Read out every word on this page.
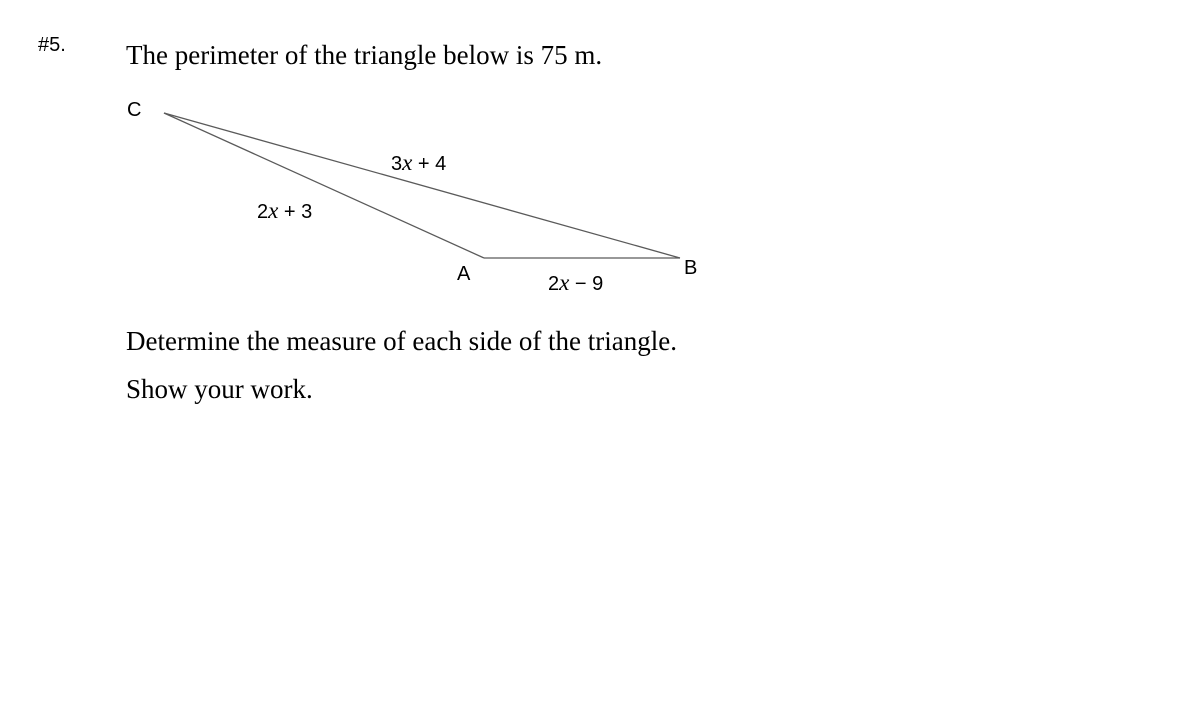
#5. The perimeter of the triangle below is 75 m.
C
A	B
3x + 4
2x + 3
2x − 9
Determine the measure of each side of the triangle.
Show your work.
